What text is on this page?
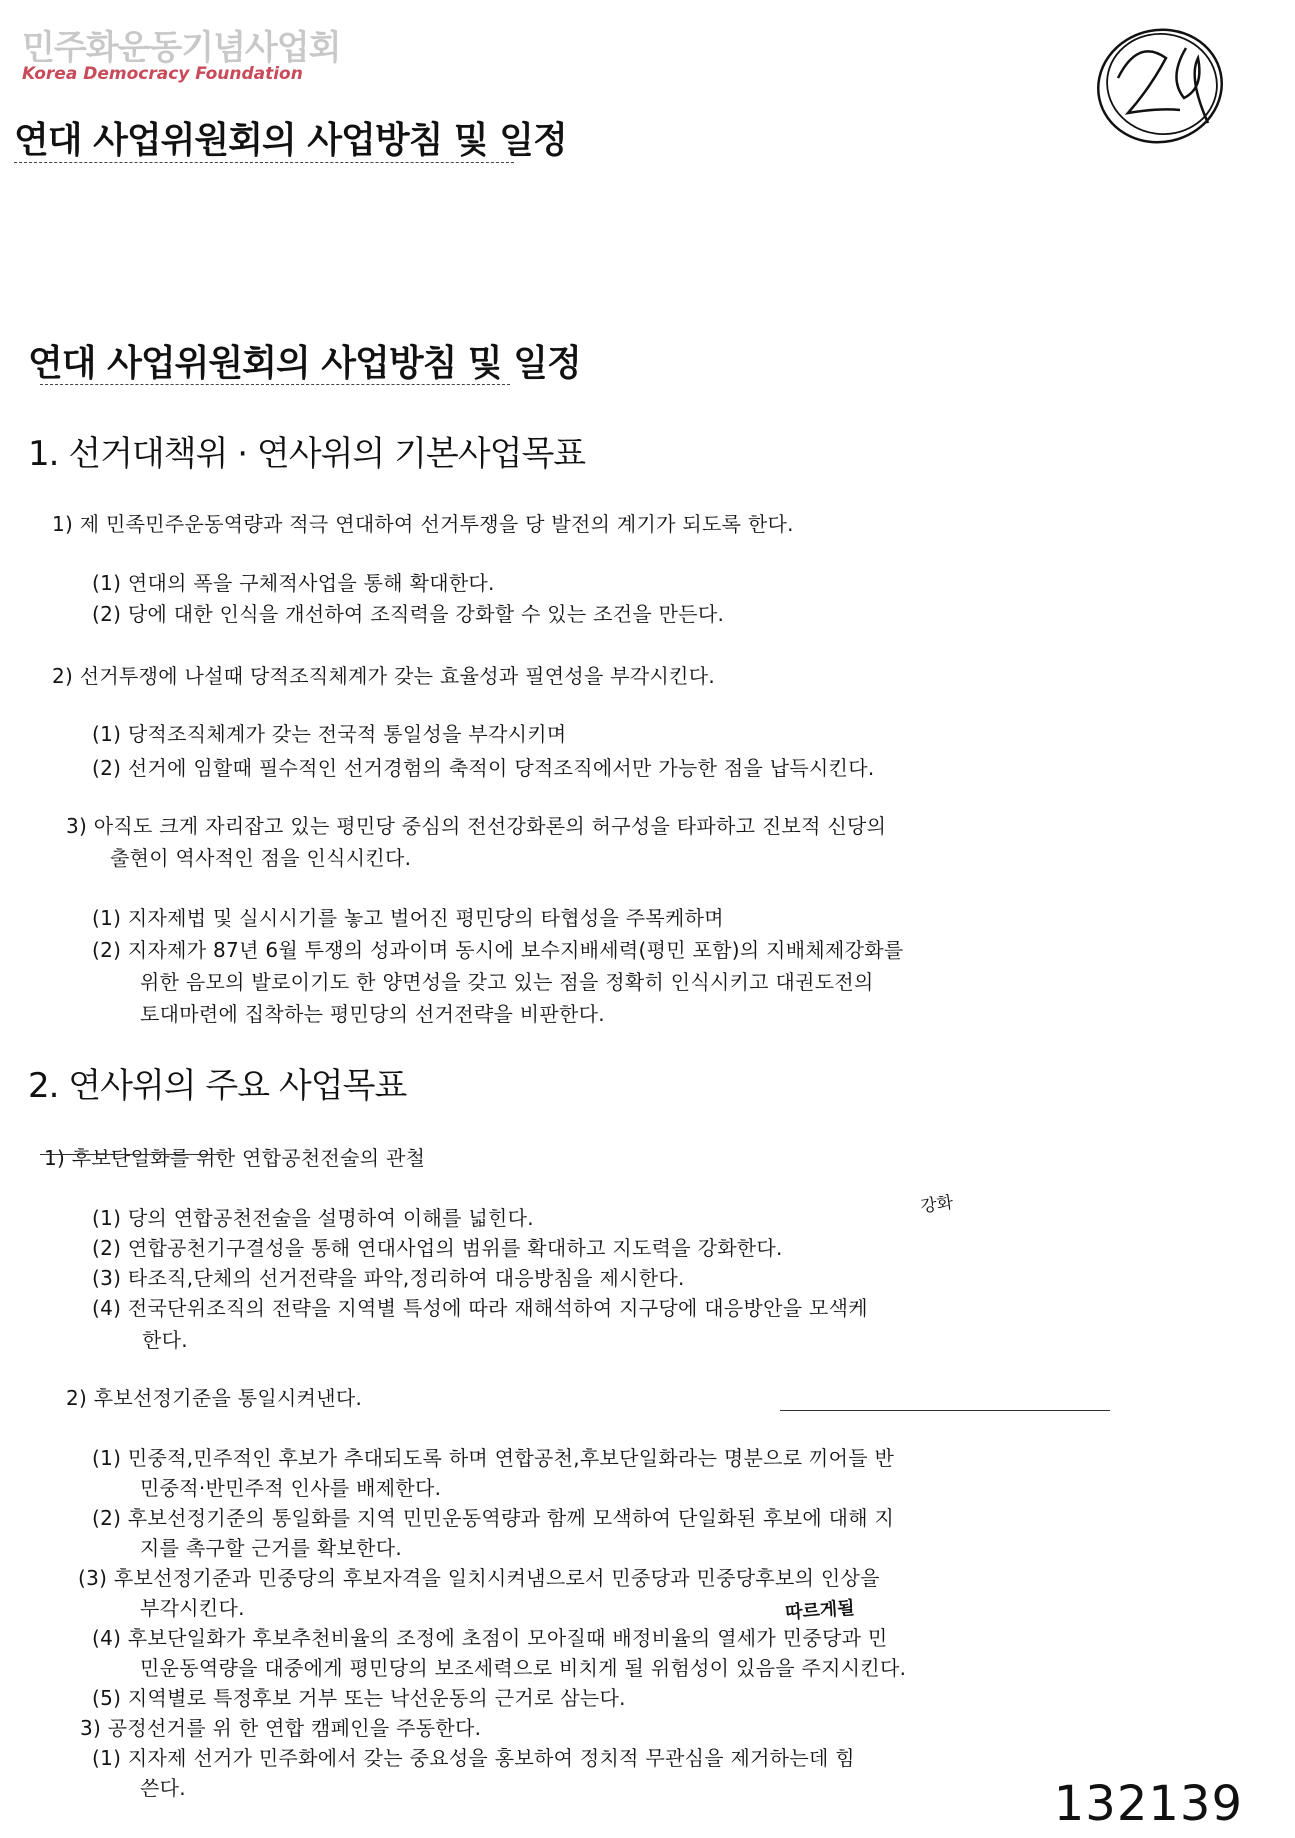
민주화운동기념사업회
Korea Democracy Foundation	24
연대 사업위원회의 사업방침 및 일정
연대 사업위원회의 사업방침 및 일정
1. 선거대책위 · 연사위의 기본사업목표
1) 제 민족민주운동역량과 적극 연대하여 선거투쟁을 당 발전의 계기가 되도록 한다.
(1) 연대의 폭을 구체적사업을 통해 확대한다.
(2) 당에 대한 인식을 개선하여 조직력을 강화할 수 있는 조건을 만든다.
2) 선거투쟁에 나설때 당적조직체계가 갖는 효율성과 필연성을 부각시킨다.
(1) 당적조직체계가 갖는 전국적 통일성을 부각시키며
(2) 선거에 임할때 필수적인 선거경험의 축적이 당적조직에서만 가능한 점을 납득시킨다.
3) 아직도 크게 자리잡고 있는 평민당 중심의 전선강화론의 허구성을 타파하고 진보적 신당의
출현이 역사적인 점을 인식시킨다.
(1) 지자제법 및 실시시기를 놓고 벌어진 평민당의 타협성을 주목케하며
(2) 지자제가 87년 6월 투쟁의 성과이며 동시에 보수지배세력(평민 포함)의 지배체제강화를
위한 음모의 발로이기도 한 양면성을 갖고 있는 점을 정확히 인식시키고 대권도전의
토대마련에 집착하는 평민당의 선거전략을 비판한다.
2. 연사위의 주요 사업목표
1) 후보단일화를 위한 연합공천전술의 관철
(1) 당의 연합공천전술을 설명하여 이해를 넓힌다.
(2) 연합공천기구결성을 통해 연대사업의 범위를 확대하고 지도력을 강화한다.
(3) 타조직,단체의 선거전략을 파악,정리하여 대응방침을 제시한다.
(4) 전국단위조직의 전략을 지역별 특성에 따라 재해석하여 지구당에 대응방안을 모색케
한다.
강화
2) 후보선정기준을 통일시켜낸다.
(1) 민중적,민주적인 후보가 추대되도록 하며 연합공천,후보단일화라는 명분으로 끼어들 반
민중적·반민주적 인사를 배제한다.
(2) 후보선정기준의 통일화를 지역 민민운동역량과 함께 모색하여 단일화된 후보에 대해 지
지를 촉구할 근거를 확보한다.
(3) 후보선정기준과 민중당의 후보자격을 일치시켜냄으로서 민중당과 민중당후보의 인상을
부각시킨다.	따르게될
(4) 후보단일화가 후보추천비율의 조정에 초점이 모아질때 배정비율의 열세가 민중당과 민
민운동역량을 대중에게 평민당의 보조세력으로 비치게 될 위험성이 있음을 주지시킨다.
(5) 지역별로 특정후보 거부 또는 낙선운동의 근거로 삼는다.
3) 공정선거를 위 한 연합 캠페인을 주동한다.
(1) 지자제 선거가 민주화에서 갖는 중요성을 홍보하여 정치적 무관심을 제거하는데 힘
쓴다.	132139
